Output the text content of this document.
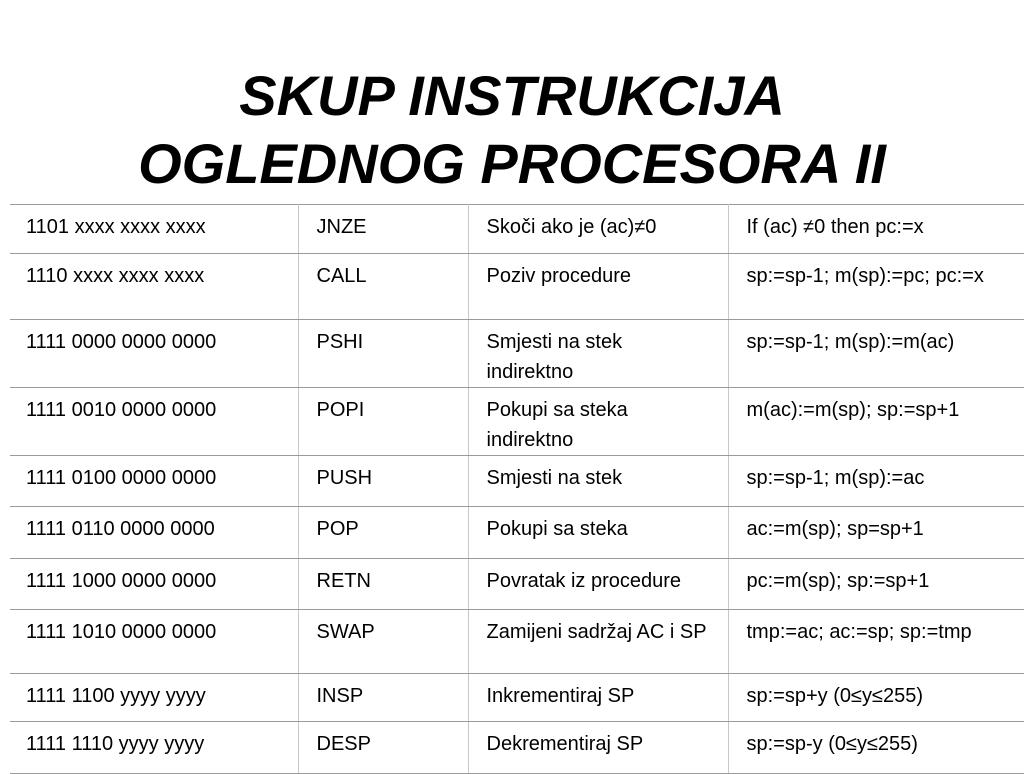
SKUP INSTRUKCIJA
OGLEDNOG PROCESORA II
1101 xxxx xxxx xxxx	JNZE	Skoči ako je (ac)≠0	If (ac) ≠0 then pc:=x
1110 xxxx xxxx xxxx	CALL	Poziv procedure	sp:=sp-1; m(sp):=pc; pc:=x
1111 0000 0000 0000	PSHI	Smjesti na stek indirektno	sp:=sp-1; m(sp):=m(ac)
1111 0010 0000 0000	POPI	Pokupi sa steka indirektno	m(ac):=m(sp); sp:=sp+1
1111 0100 0000 0000	PUSH	Smjesti na stek	sp:=sp-1; m(sp):=ac
1111 0110 0000 0000	POP	Pokupi sa steka	ac:=m(sp); sp=sp+1
1111 1000 0000 0000	RETN	Povratak iz procedure	pc:=m(sp); sp:=sp+1
1111 1010 0000 0000	SWAP	Zamijeni sadržaj AC i SP	tmp:=ac; ac:=sp; sp:=tmp
1111 1100 yyyy yyyy	INSP	Inkrementiraj SP	sp:=sp+y (0≤y≤255)
1111 1110 yyyy yyyy	DESP	Dekrementiraj SP	sp:=sp-y (0≤y≤255)
